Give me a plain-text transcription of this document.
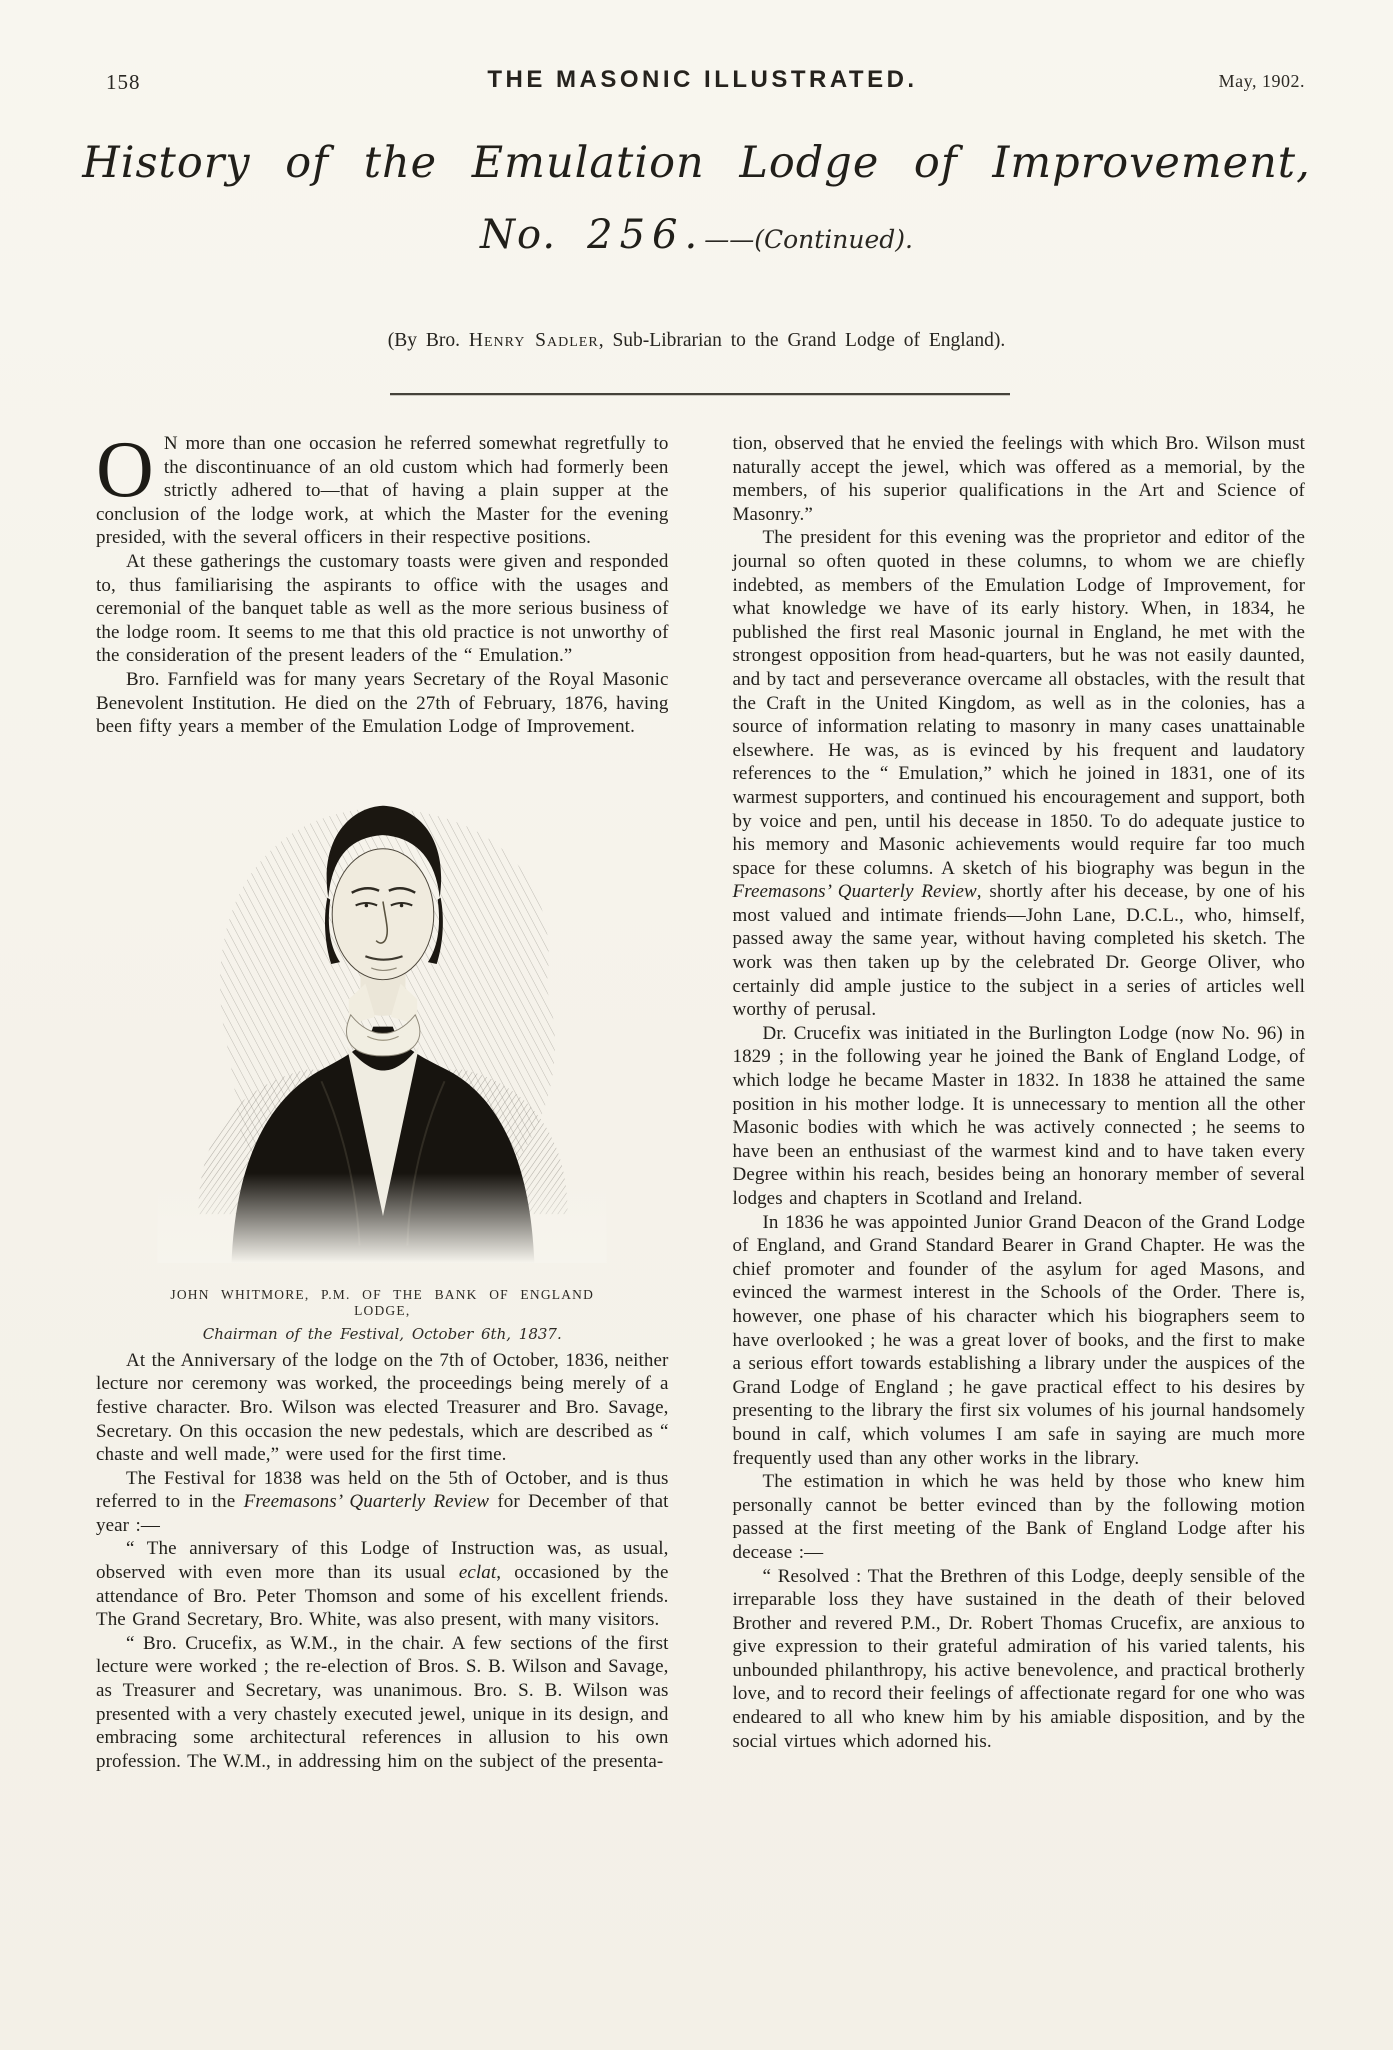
158	THE MASONIC ILLUSTRATED.	May, 1902.
History of the Emulation Lodge of Improvement,
No. 256.——(Continued).
(By Bro. Henry Sadler, Sub-Librarian to the Grand Lodge of England).

O N more than one occasion he referred somewhat regretfully to the discontinuance of an old custom which had formerly been strictly adhered to—that of having a plain supper at the conclusion of the lodge work, at which the Master for the evening presided, with the several officers in their respective positions.

At these gatherings the customary toasts were given and responded to, thus familiarising the aspirants to office with the usages and ceremonial of the banquet table as well as the more serious business of the lodge room. It seems to me that this old practice is not unworthy of the consideration of the present leaders of the “ Emulation.”

Bro. Farnfield was for many years Secretary of the Royal Masonic Benevolent Institution. He died on the 27th of February, 1876, having been fifty years a member of the Emulation Lodge of Improvement.

JOHN WHITMORE, P.M. OF THE BANK OF ENGLAND LODGE,
Chairman of the Festival, October 6th, 1837.

At the Anniversary of the lodge on the 7th of October, 1836, neither lecture nor ceremony was worked, the proceedings being merely of a festive character. Bro. Wilson was elected Treasurer and Bro. Savage, Secretary. On this occasion the new pedestals, which are described as “ chaste and well made,” were used for the first time.

The Festival for 1838 was held on the 5th of October, and is thus referred to in the Freemasons’ Quarterly Review for December of that year :—

“ The anniversary of this Lodge of Instruction was, as usual, observed with even more than its usual eclat, occasioned by the attendance of Bro. Peter Thomson and some of his excellent friends. The Grand Secretary, Bro. White, was also present, with many visitors.

“ Bro. Crucefix, as W.M., in the chair. A few sections of the first lecture were worked ; the re-election of Bros. S. B. Wilson and Savage, as Treasurer and Secretary, was unanimous. Bro. S. B. Wilson was presented with a very chastely executed jewel, unique in its design, and embracing some architectural references in allusion to his own profession. The W.M., in addressing him on the subject of the presenta-

tion, observed that he envied the feelings with which Bro. Wilson must naturally accept the jewel, which was offered as a memorial, by the members, of his superior qualifications in the Art and Science of Masonry.”

The president for this evening was the proprietor and editor of the journal so often quoted in these columns, to whom we are chiefly indebted, as members of the Emulation Lodge of Improvement, for what knowledge we have of its early history. When, in 1834, he published the first real Masonic journal in England, he met with the strongest opposition from head-quarters, but he was not easily daunted, and by tact and perseverance overcame all obstacles, with the result that the Craft in the United Kingdom, as well as in the colonies, has a source of information relating to masonry in many cases unattainable elsewhere. He was, as is evinced by his frequent and laudatory references to the “ Emulation,” which he joined in 1831, one of its warmest supporters, and continued his encouragement and support, both by voice and pen, until his decease in 1850. To do adequate justice to his memory and Masonic achievements would require far too much space for these columns. A sketch of his biography was begun in the Freemasons’ Quarterly Review, shortly after his decease, by one of his most valued and intimate friends—John Lane, D.C.L., who, himself, passed away the same year, without having completed his sketch. The work was then taken up by the celebrated Dr. George Oliver, who certainly did ample justice to the subject in a series of articles well worthy of perusal.

Dr. Crucefix was initiated in the Burlington Lodge (now No. 96) in 1829 ; in the following year he joined the Bank of England Lodge, of which lodge he became Master in 1832. In 1838 he attained the same position in his mother lodge. It is unnecessary to mention all the other Masonic bodies with which he was actively connected ; he seems to have been an enthusiast of the warmest kind and to have taken every Degree within his reach, besides being an honorary member of several lodges and chapters in Scotland and Ireland.

In 1836 he was appointed Junior Grand Deacon of the Grand Lodge of England, and Grand Standard Bearer in Grand Chapter. He was the chief promoter and founder of the asylum for aged Masons, and evinced the warmest interest in the Schools of the Order. There is, however, one phase of his character which his biographers seem to have overlooked ; he was a great lover of books, and the first to make a serious effort towards establishing a library under the auspices of the Grand Lodge of England ; he gave practical effect to his desires by presenting to the library the first six volumes of his journal handsomely bound in calf, which volumes I am safe in saying are much more frequently used than any other works in the library.

The estimation in which he was held by those who knew him personally cannot be better evinced than by the following motion passed at the first meeting of the Bank of England Lodge after his decease :—

“ Resolved : That the Brethren of this Lodge, deeply sensible of the irreparable loss they have sustained in the death of their beloved Brother and revered P.M., Dr. Robert Thomas Crucefix, are anxious to give expression to their grateful admiration of his varied talents, his unbounded philanthropy, his active benevolence, and practical brotherly love, and to record their feelings of affectionate regard for one who was endeared to all who knew him by his amiable disposition, and by the social virtues which adorned his.
